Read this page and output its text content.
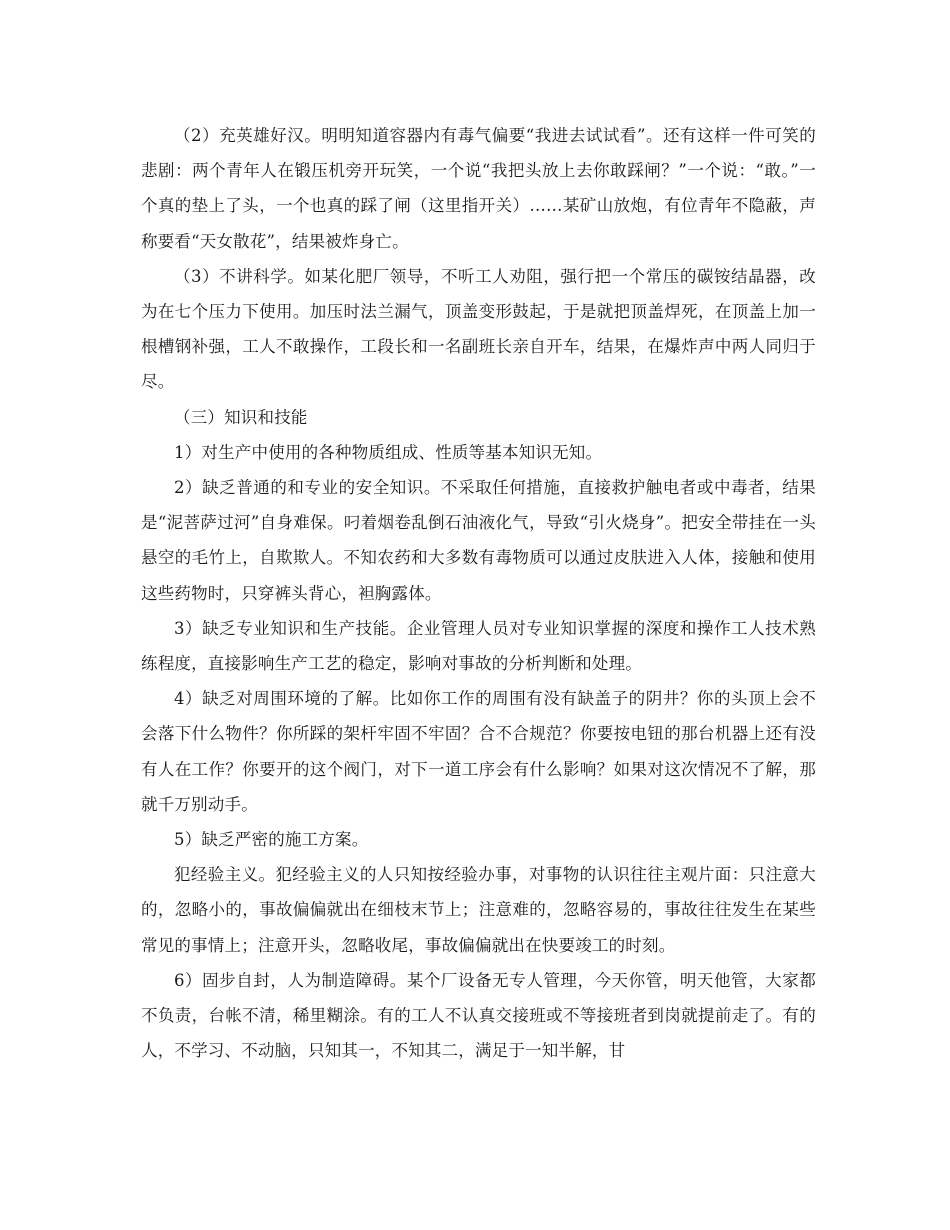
（2）充英雄好汉。明明知道容器内有毒气偏要“我进去试试看”。还有这样一件可笑的悲剧：两个青年人在锻压机旁开玩笑，一个说“我把头放上去你敢踩闸？”一个说：“敢。”一个真的垫上了头，一个也真的踩了闸（这里指开关）……某矿山放炮，有位青年不隐蔽，声称要看“天女散花”，结果被炸身亡。

（3）不讲科学。如某化肥厂领导，不听工人劝阻，强行把一个常压的碳铵结晶器，改为在七个压力下使用。加压时法兰漏气，顶盖变形鼓起，于是就把顶盖焊死，在顶盖上加一根槽钢补强，工人不敢操作，工段长和一名副班长亲自开车，结果，在爆炸声中两人同归于尽。

（三）知识和技能

1）对生产中使用的各种物质组成、性质等基本知识无知。

2）缺乏普通的和专业的安全知识。不采取任何措施，直接救护触电者或中毒者，结果是“泥菩萨过河”自身难保。叼着烟卷乱倒石油液化气，导致“引火烧身”。把安全带挂在一头悬空的毛竹上，自欺欺人。不知农药和大多数有毒物质可以通过皮肤进入人体，接触和使用这些药物时，只穿裤头背心，袒胸露体。

3）缺乏专业知识和生产技能。企业管理人员对专业知识掌握的深度和操作工人技术熟练程度，直接影响生产工艺的稳定，影响对事故的分析判断和处理。

4）缺乏对周围环境的了解。比如你工作的周围有没有缺盖子的阴井？你的头顶上会不会落下什么物件？你所踩的架杆牢固不牢固？合不合规范？你要按电钮的那台机器上还有没有人在工作？你要开的这个阀门，对下一道工序会有什么影响？如果对这次情况不了解，那就千万别动手。

5）缺乏严密的施工方案。

犯经验主义。犯经验主义的人只知按经验办事，对事物的认识往往主观片面：只注意大的，忽略小的，事故偏偏就出在细枝末节上；注意难的，忽略容易的，事故往往发生在某些常见的事情上；注意开头，忽略收尾，事故偏偏就出在快要竣工的时刻。

6）固步自封，人为制造障碍。某个厂设备无专人管理，今天你管，明天他管，大家都不负责，台帐不清，稀里糊涂。有的工人不认真交接班或不等接班者到岗就提前走了。有的人，不学习、不动脑，只知其一，不知其二，满足于一知半解，甘
